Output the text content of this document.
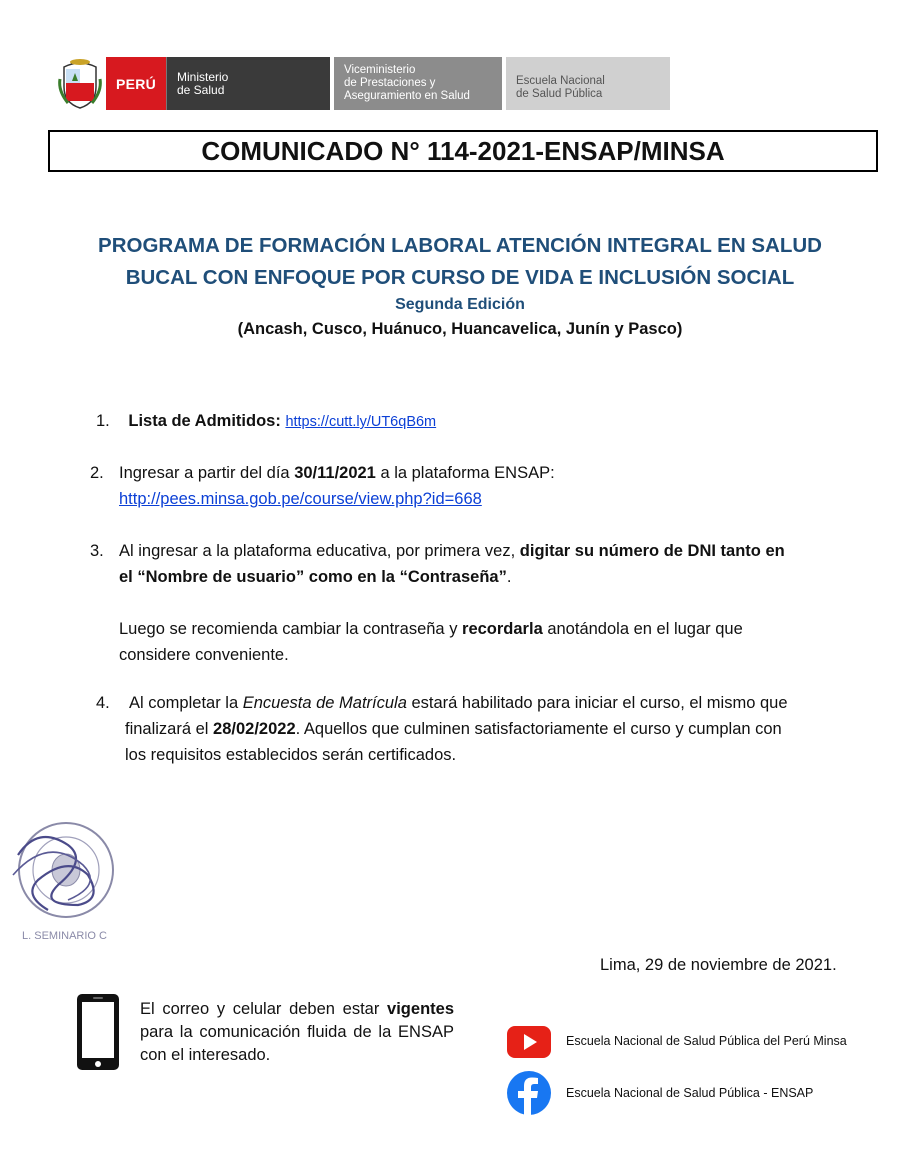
PERÚ Ministerio
de Salud
Viceministerio
de Prestaciones y
Aseguramiento en Salud
Escuela Nacional
de Salud Pública
COMUNICADO N° 114-2021-ENSAP/MINSA
PROGRAMA DE FORMACIÓN LABORAL ATENCIÓN INTEGRAL EN SALUD
BUCAL CON ENFOQUE POR CURSO DE VIDA E INCLUSIÓN SOCIAL
Segunda Edición
(Ancash, Cusco, Huánuco, Huancavelica, Junín y Pasco)
1. Lista de Admitidos: https://cutt.ly/UT6qB6m
2. Ingresar a partir del día 30/11/2021 a la plataforma ENSAP:
http://pees.minsa.gob.pe/course/view.php?id=668
3. Al ingresar a la plataforma educativa, por primera vez, digitar su número de DNI tanto en
el “Nombre de usuario” como en la “Contraseña”.
Luego se recomienda cambiar la contraseña y recordarla anotándola en el lugar que
considere conveniente.
4. Al completar la Encuesta de Matrícula estará habilitado para iniciar el curso, el mismo que
finalizará el 28/02/2022. Aquellos que culminen satisfactoriamente el curso y cumplan con
los requisitos establecidos serán certificados.
L. SEMINARIO C
Lima, 29 de noviembre de 2021.
El correo y celular deben estar vigentes para la comunicación fluida de la ENSAP con el interesado.
Escuela Nacional de Salud Pública del Perú Minsa
Escuela Nacional de Salud Pública - ENSAP
